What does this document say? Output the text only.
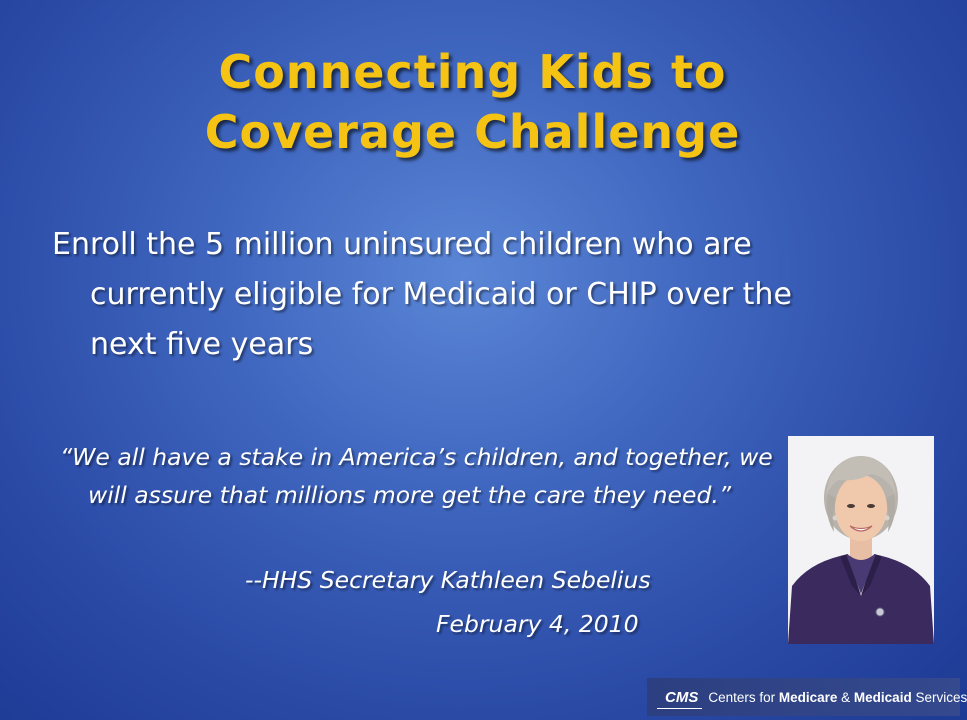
Connecting Kids to
Coverage Challenge
Enroll the 5 million uninsured children who are currently eligible for Medicaid or CHIP over the next five years
“We all have a stake in America’s children, and together, we will assure that millions more get the care they need.”
--HHS Secretary Kathleen Sebelius
February 4, 2010
CMS Centers for Medicare & Medicaid Services
